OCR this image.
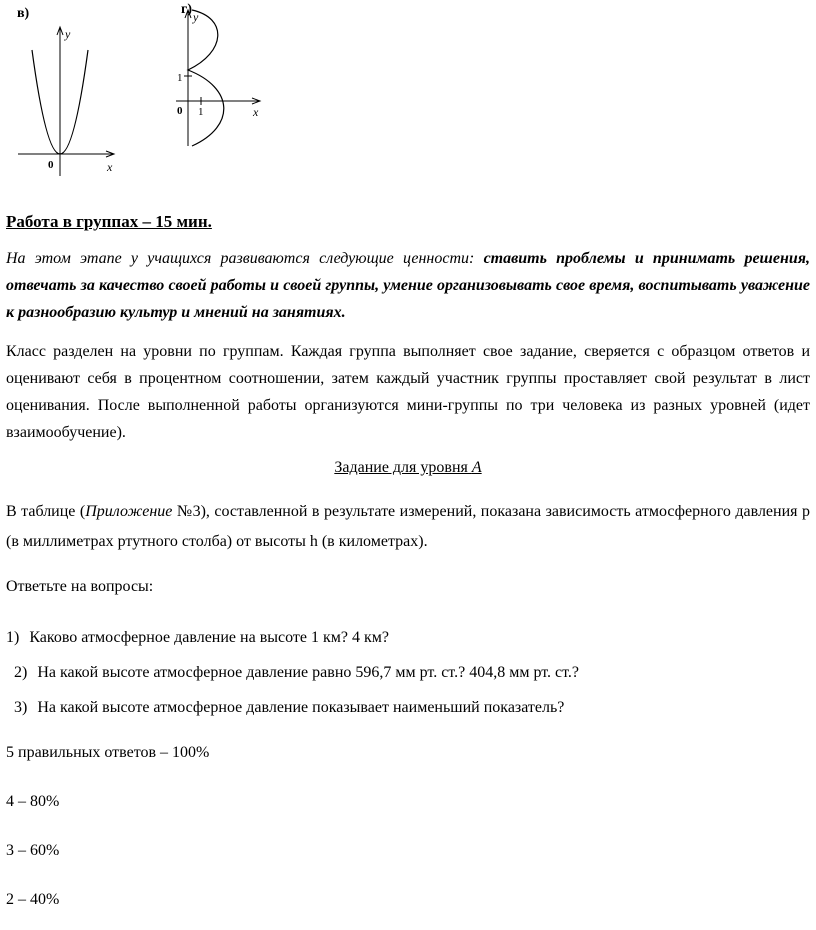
в)
y
x
0
г) y
x
1
1
0
Работа в группах – 15 мин.

На этом этапе у учащихся развиваются следующие ценности: ставить проблемы и принимать решения, отвечать за качество своей работы и своей группы, умение организовывать свое время, воспитывать уважение к разнообразию культур и мнений на занятиях.

Класс разделен на уровни по группам. Каждая группа выполняет свое задание, сверяется с образцом ответов и оценивают себя в процентном соотношении, затем каждый участник группы проставляет свой результат в лист оценивания. После выполненной работы организуются мини-группы по три человека из разных уровней (идет взаимообучение).

Задание для уровня А

В таблице (Приложение №3), составленной в результате измерений, показана зависимость атмосферного давления р (в миллиметрах ртутного столба) от высоты h (в километрах).

Ответьте на вопросы:

1) Каково атмосферное давление на высоте 1 км? 4 км?
2) На какой высоте атмосферное давление равно 596,7 мм рт. ст.? 404,8 мм рт. ст.?
3) На какой высоте атмосферное давление показывает наименьший показатель?
5 правильных ответов – 100%
4 – 80%
3 – 60%
2 – 40%
